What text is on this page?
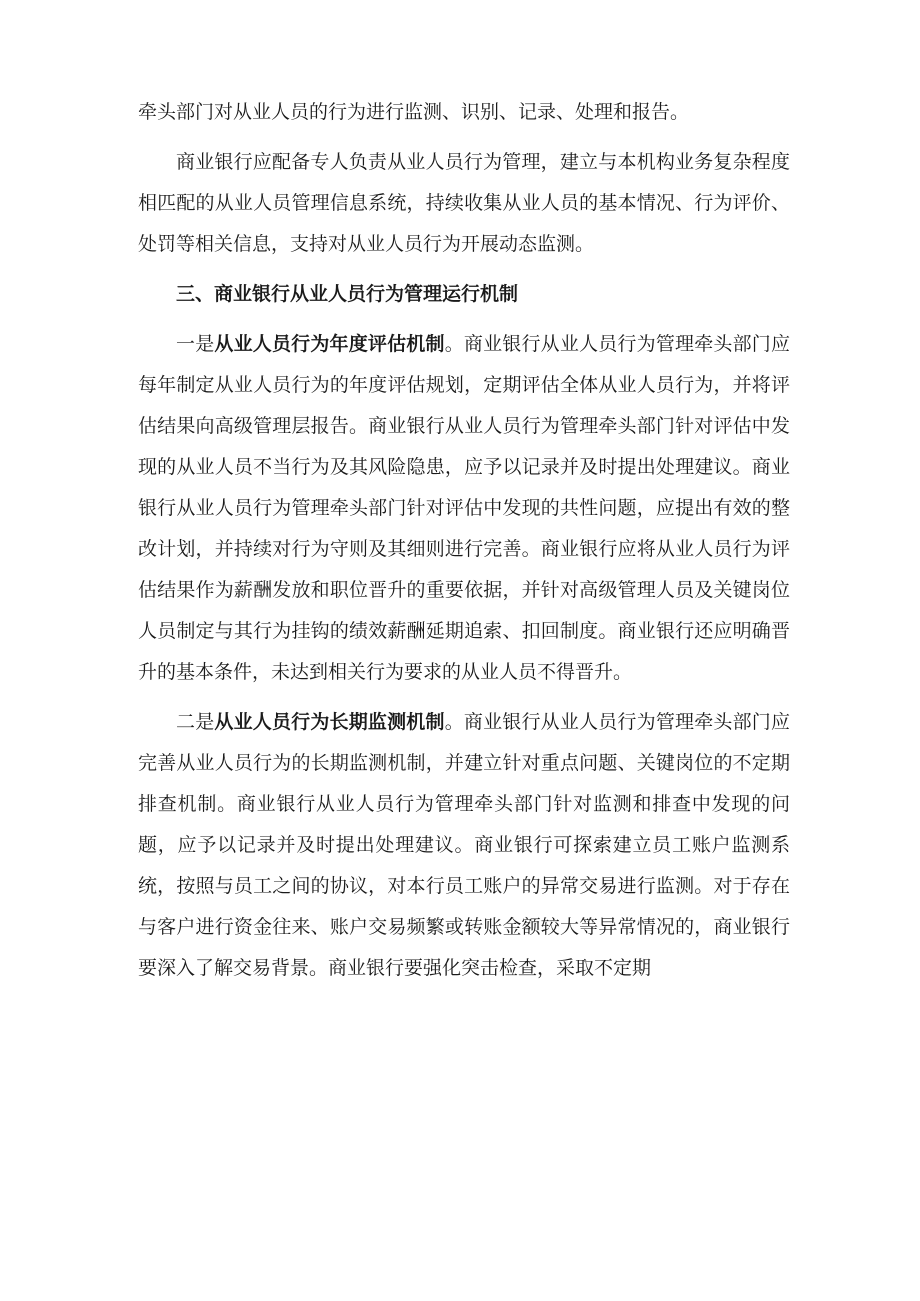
牵头部门对从业人员的行为进行监测、识别、记录、处理和报告。

商业银行应配备专人负责从业人员行为管理，建立与本机构业务复杂程度相匹配的从业人员管理信息系统，持续收集从业人员的基本情况、行为评价、处罚等相关信息，支持对从业人员行为开展动态监测。

三、商业银行从业人员行为管理运行机制

一是从业人员行为年度评估机制。商业银行从业人员行为管理牵头部门应每年制定从业人员行为的年度评估规划，定期评估全体从业人员行为，并将评估结果向高级管理层报告。商业银行从业人员行为管理牵头部门针对评估中发现的从业人员不当行为及其风险隐患，应予以记录并及时提出处理建议。商业银行从业人员行为管理牵头部门针对评估中发现的共性问题，应提出有效的整改计划，并持续对行为守则及其细则进行完善。商业银行应将从业人员行为评估结果作为薪酬发放和职位晋升的重要依据，并针对高级管理人员及关键岗位人员制定与其行为挂钩的绩效薪酬延期追索、扣回制度。商业银行还应明确晋升的基本条件，未达到相关行为要求的从业人员不得晋升。

二是从业人员行为长期监测机制。商业银行从业人员行为管理牵头部门应完善从业人员行为的长期监测机制，并建立针对重点问题、关键岗位的不定期排查机制。商业银行从业人员行为管理牵头部门针对监测和排查中发现的问题，应予以记录并及时提出处理建议。商业银行可探索建立员工账户监测系统，按照与员工之间的协议，对本行员工账户的异常交易进行监测。对于存在与客户进行资金往来、账户交易频繁或转账金额较大等异常情况的，商业银行要深入了解交易背景。商业银行要强化突击检查，采取不定期
